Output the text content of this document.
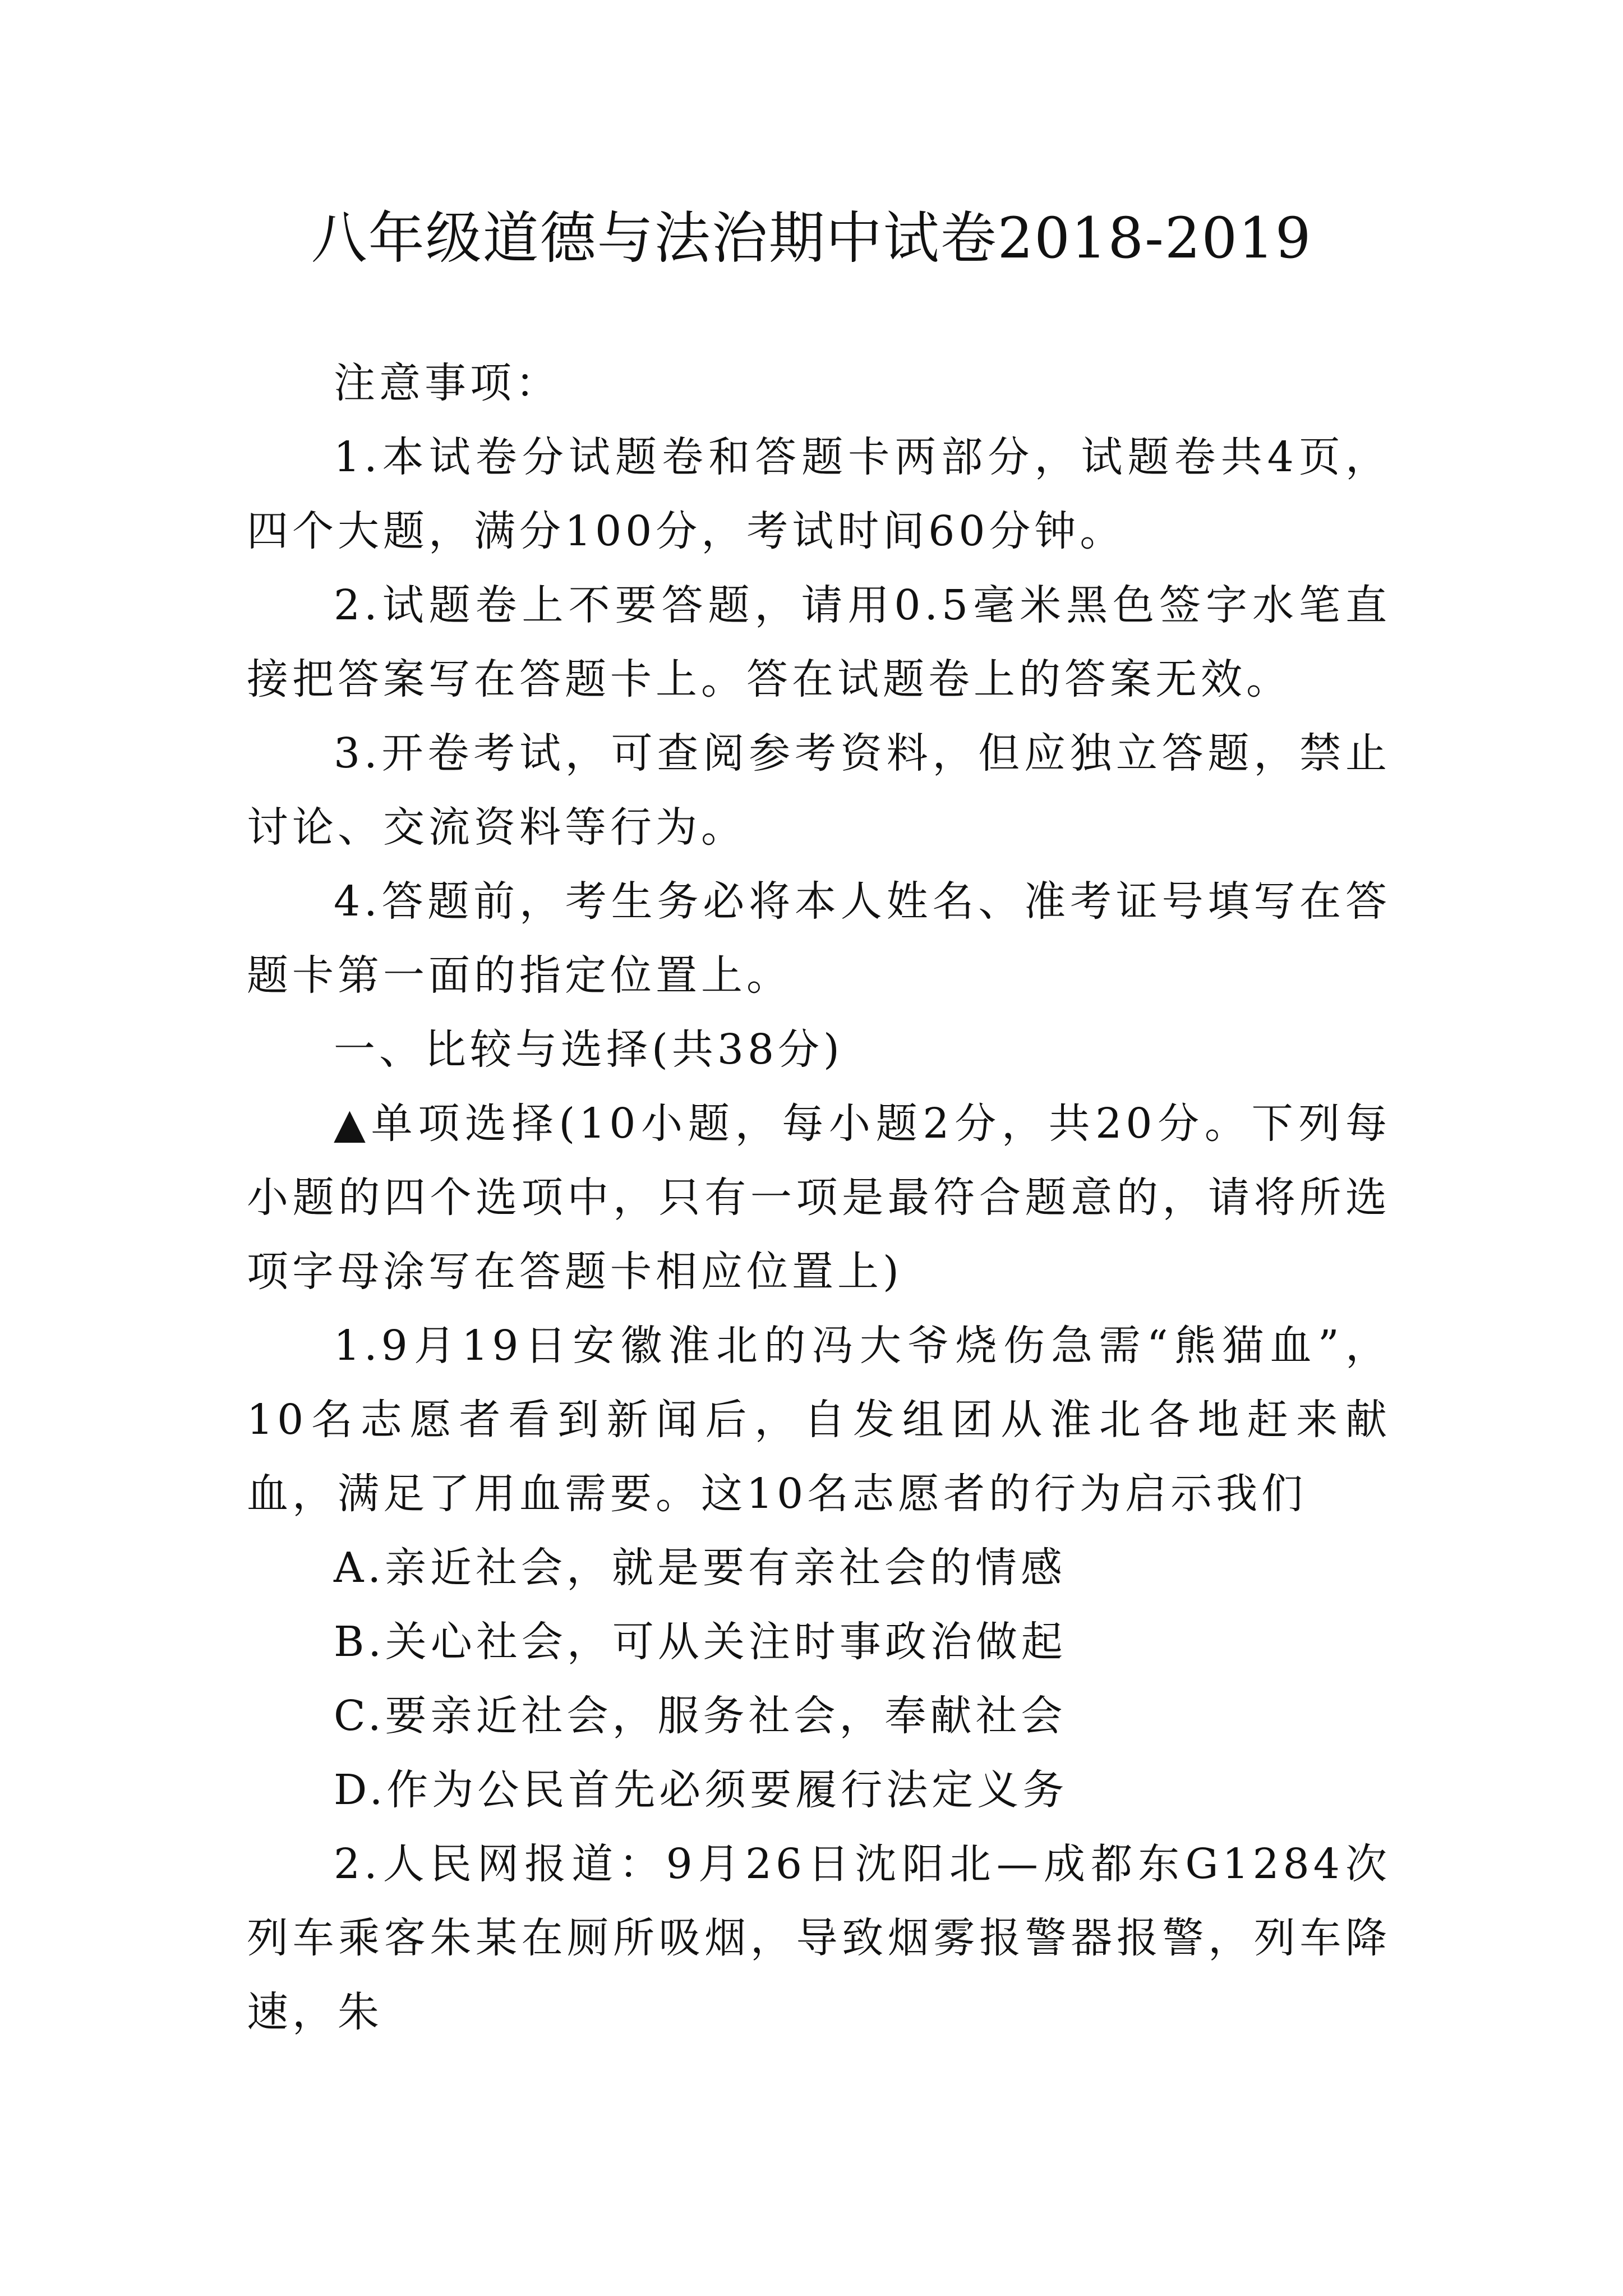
八年级道德与法治期中试卷2018-2019

注意事项：

1.本试卷分试题卷和答题卡两部分，试题卷共4页，四个大题，满分100分，考试时间60分钟。

2.试题卷上不要答题，请用0.5毫米黑色签字水笔直接把答案写在答题卡上。答在试题卷上的答案无效。

3.开卷考试，可查阅参考资料，但应独立答题，禁止讨论、交流资料等行为。

4.答题前，考生务必将本人姓名、准考证号填写在答题卡第一面的指定位置上。

一、比较与选择(共38分)

▲单项选择(10小题，每小题2分，共20分。下列每小题的四个选项中，只有一项是最符合题意的，请将所选项字母涂写在答题卡相应位置上)

1.9月19日安徽淮北的冯大爷烧伤急需“熊猫血”，10名志愿者看到新闻后，自发组团从淮北各地赶来献血，满足了用血需要。这10名志愿者的行为启示我们

A.亲近社会，就是要有亲社会的情感

B.关心社会，可从关注时事政治做起

C.要亲近社会，服务社会，奉献社会

D.作为公民首先必须要履行法定义务

2.人民网报道：9月26日沈阳北—成都东G1284次列车乘客朱某在厕所吸烟，导致烟雾报警器报警，列车降速，朱
